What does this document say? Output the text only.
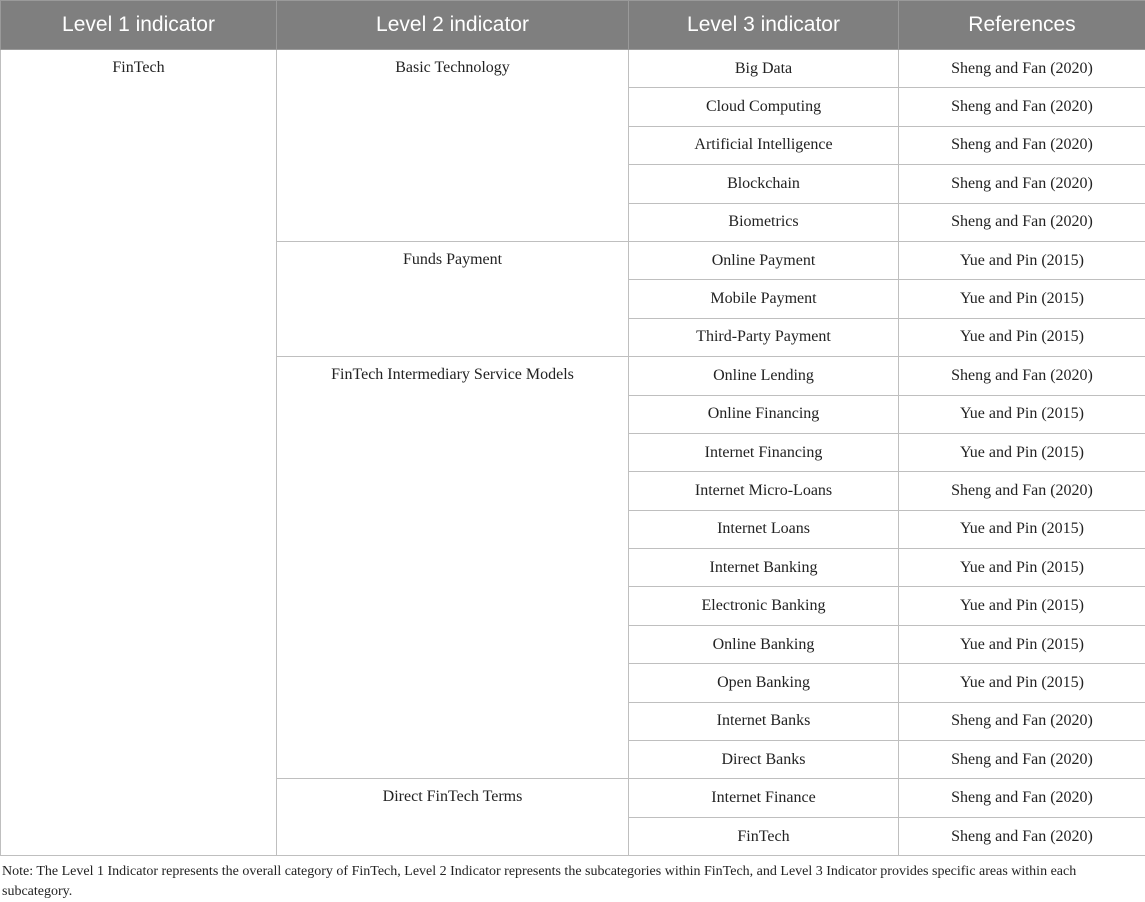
Level 1 indicator	Level 2 indicator	Level 3 indicator	References
FinTech	Basic Technology	Big Data	Sheng and Fan (2020)
		Cloud Computing	Sheng and Fan (2020)
		Artificial Intelligence	Sheng and Fan (2020)
		Blockchain	Sheng and Fan (2020)
		Biometrics	Sheng and Fan (2020)
	Funds Payment	Online Payment	Yue and Pin (2015)
		Mobile Payment	Yue and Pin (2015)
		Third-Party Payment	Yue and Pin (2015)
	FinTech Intermediary Service Models	Online Lending	Sheng and Fan (2020)
		Online Financing	Yue and Pin (2015)
		Internet Financing	Yue and Pin (2015)
		Internet Micro-Loans	Sheng and Fan (2020)
		Internet Loans	Yue and Pin (2015)
		Internet Banking	Yue and Pin (2015)
		Electronic Banking	Yue and Pin (2015)
		Online Banking	Yue and Pin (2015)
		Open Banking	Yue and Pin (2015)
		Internet Banks	Sheng and Fan (2020)
		Direct Banks	Sheng and Fan (2020)
	Direct FinTech Terms	Internet Finance	Sheng and Fan (2020)
		FinTech	Sheng and Fan (2020)

Note: The Level 1 Indicator represents the overall category of FinTech, Level 2 Indicator represents the subcategories within FinTech, and Level 3 Indicator provides specific areas within each subcategory.
